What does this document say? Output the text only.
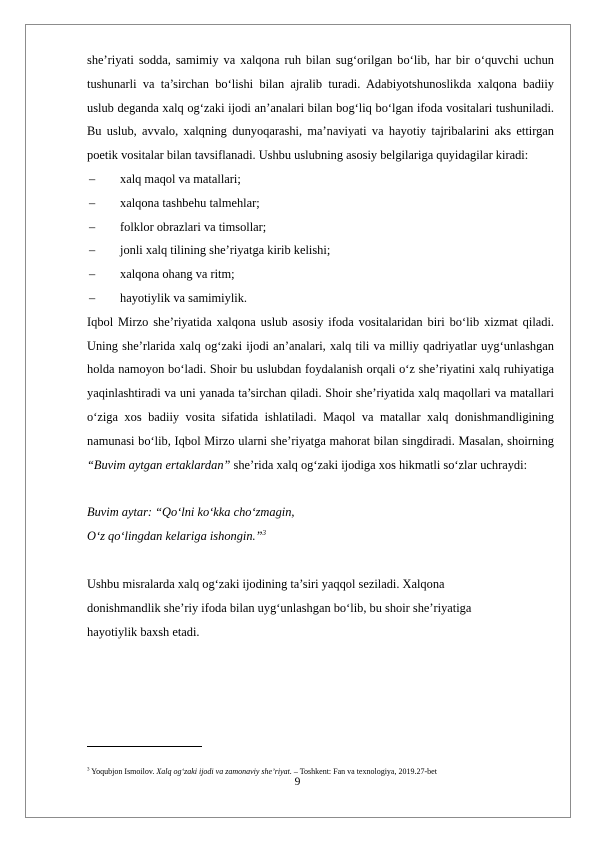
she’riyati sodda, samimiy va xalqona ruh bilan sug‘orilgan bo‘lib, har bir o‘quvchi uchun tushunarli va ta’sirchan bo‘lishi bilan ajralib turadi. Adabiyotshunoslikda xalqona badiiy uslub deganda xalq og‘zaki ijodi an’analari bilan bog‘liq bo‘lgan ifoda vositalari tushuniladi. Bu uslub, avvalo, xalqning dunyoqarashi, ma’naviyati va hayotiy tajribalarini aks ettirgan poetik vositalar bilan tavsiflanadi. Ushbu uslubning asosiy belgilariga quyidagilar kiradi:

– xalq maqol va matallari;
– xalqona tashbehu talmehlar;
– folklor obrazlari va timsollar;
– jonli xalq tilining she’riyatga kirib kelishi;
– xalqona ohang va ritm;
– hayotiylik va samimiylik.

Iqbol Mirzo she’riyatida xalqona uslub asosiy ifoda vositalaridan biri bo‘lib xizmat qiladi. Uning she’rlarida xalq og‘zaki ijodi an’analari, xalq tili va milliy qadriyatlar uyg‘unlashgan holda namoyon bo‘ladi. Shoir bu uslubdan foydalanish orqali o‘z she’riyatini xalq ruhiyatiga yaqinlashtiradi va uni yanada ta’sirchan qiladi. Shoir she’riyatida xalq maqollari va matallari o‘ziga xos badiiy vosita sifatida ishlatiladi. Maqol va matallar xalq donishmandligining namunasi bo‘lib, Iqbol Mirzo ularni she’riyatga mahorat bilan singdiradi. Masalan, shoirning “Buvim aytgan ertaklardan” she’rida xalq og‘zaki ijodiga xos hikmatli so‘zlar uchraydi:

Buvim aytar: “Qo‘lni ko‘kka cho‘zmagin,

O‘z qo‘lingdan kelariga ishongin.”$^3$

Ushbu misralarda xalq og‘zaki ijodining ta’siri yaqqol seziladi. Xalqona

donishmandlik she’riy ifoda bilan uyg‘unlashgan bo‘lib, bu shoir she’riyatiga

hayotiylik baxsh etadi.

$^3$ Yoqubjon Ismoilov. Xalq og‘zaki ijodi va zamonaviy she’riyat. – Toshkent: Fan va texnologiya, 2019.27-bet
9
